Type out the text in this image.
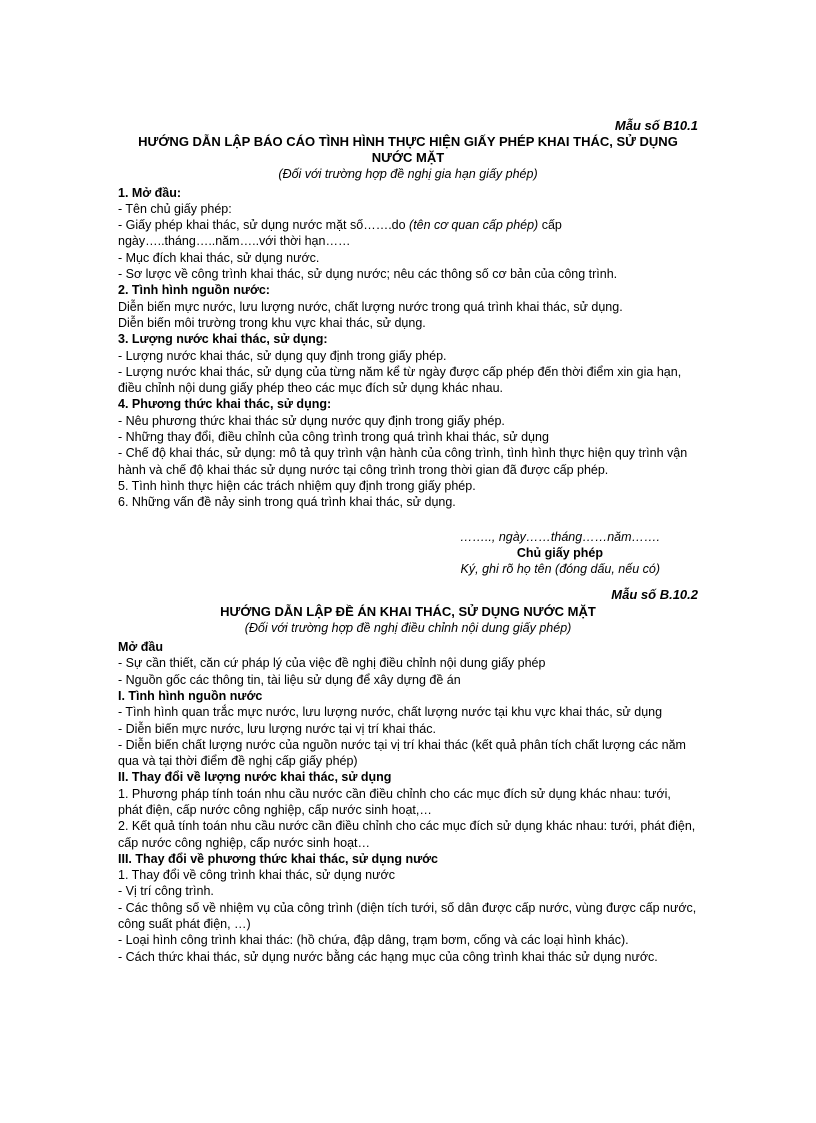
Mẫu số B10.1
HƯỚNG DẪN LẬP BÁO CÁO TÌNH HÌNH THỰC HIỆN GIẤY PHÉP KHAI THÁC, SỬ DỤNG NƯỚC MẶT
(Đối với trường hợp đề nghị gia hạn giấy phép)
1. Mở đầu:
- Tên chủ giấy phép:
- Giấy phép khai thác, sử dụng nước mặt số…….do (tên cơ quan cấp phép) cấp
ngày…..tháng…..năm…..với thời hạn……
- Mục đích khai thác, sử dụng nước.
- Sơ lược về công trình khai thác, sử dụng nước; nêu các thông số cơ bản của công trình.
2. Tình hình nguồn nước:
Diễn biến mực nước, lưu lượng nước, chất lượng nước trong quá trình khai thác, sử dụng.
Diễn biến môi trường trong khu vực khai thác, sử dụng.
3. Lượng nước khai thác, sử dụng:
- Lượng nước khai thác, sử dụng quy định trong giấy phép.
- Lượng nước khai thác, sử dụng của từng năm kể từ ngày được cấp phép đến thời điểm xin gia hạn, điều chỉnh nội dung giấy phép theo các mục đích sử dụng khác nhau.
4. Phương thức khai thác, sử dụng:
- Nêu phương thức khai thác sử dụng nước quy định trong giấy phép.
- Những thay đổi, điều chỉnh của công trình trong quá trình khai thác, sử dụng
- Chế độ khai thác, sử dụng: mô tả quy trình vận hành của công trình, tình hình thực hiện quy trình vận hành và chế độ khai thác sử dụng nước tại công trình trong thời gian đã được cấp phép.
5. Tình hình thực hiện các trách nhiệm quy định trong giấy phép.
6. Những vấn đề nảy sinh trong quá trình khai thác, sử dụng.
…….., ngày……tháng……năm…….
Chủ giấy phép
Ký, ghi rõ họ tên (đóng dấu, nếu có)
Mẫu số B.10.2
HƯỚNG DẪN LẬP ĐỀ ÁN KHAI THÁC, SỬ DỤNG NƯỚC MẶT
(Đối với trường hợp đề nghị điều chỉnh nội dung giấy phép)
Mở đầu
- Sự cần thiết, căn cứ pháp lý của việc đề nghị điều chỉnh nội dung giấy phép
- Nguồn gốc các thông tin, tài liệu sử dụng để xây dựng đề án
I. Tình hình nguồn nước
- Tình hình quan trắc mực nước, lưu lượng nước, chất lượng nước tại khu vực khai thác, sử dụng
- Diễn biến mực nước, lưu lượng nước tại vị trí khai thác.
- Diễn biến chất lượng nước của nguồn nước tại vị trí khai thác (kết quả phân tích chất lượng các năm qua và tại thời điểm đề nghị cấp giấy phép)
II. Thay đổi về lượng nước khai thác, sử dụng
1. Phương pháp tính toán nhu cầu nước cần điều chỉnh cho các mục đích sử dụng khác nhau: tưới, phát điện, cấp nước công nghiệp, cấp nước sinh hoạt,…
2. Kết quả tính toán nhu cầu nước cần điều chỉnh cho các mục đích sử dụng khác nhau: tưới, phát điện, cấp nước công nghiệp, cấp nước sinh hoạt…
III. Thay đổi về phương thức khai thác, sử dụng nước
1. Thay đổi về công trình khai thác, sử dụng nước
- Vị trí công trình.
- Các thông số về nhiệm vụ của công trình (diện tích tưới, số dân được cấp nước, vùng được cấp nước, công suất phát điện, …)
- Loại hình công trình khai thác: (hồ chứa, đập dâng, trạm bơm, cống và các loại hình khác).
- Cách thức khai thác, sử dụng nước bằng các hạng mục của công trình khai thác sử dụng nước.
